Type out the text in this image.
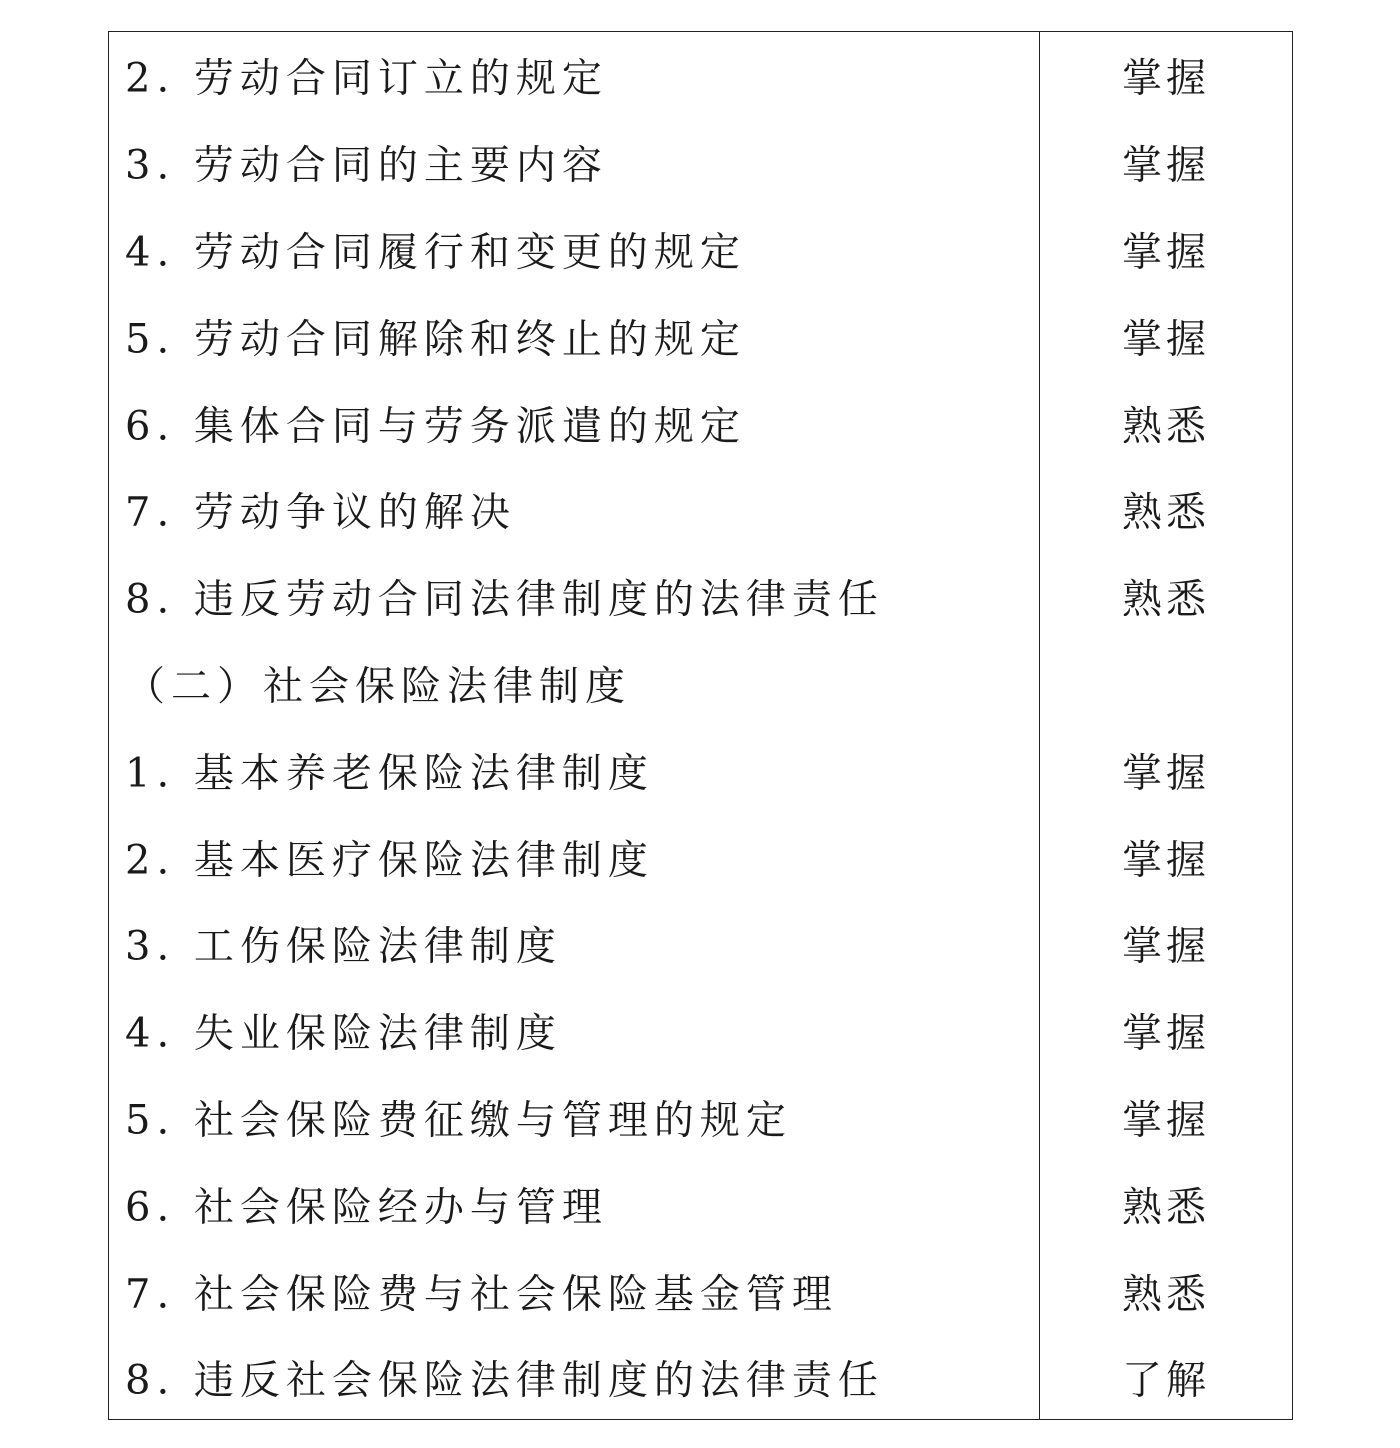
2. 劳动合同订立的规定	掌握
3. 劳动合同的主要内容	掌握
4. 劳动合同履行和变更的规定	掌握
5. 劳动合同解除和终止的规定	掌握
6. 集体合同与劳务派遣的规定	熟悉
7. 劳动争议的解决	熟悉
8. 违反劳动合同法律制度的法律责任	熟悉
（二）社会保险法律制度
1. 基本养老保险法律制度	掌握
2. 基本医疗保险法律制度	掌握
3. 工伤保险法律制度	掌握
4. 失业保险法律制度	掌握
5. 社会保险费征缴与管理的规定	掌握
6. 社会保险经办与管理	熟悉
7. 社会保险费与社会保险基金管理	熟悉
8. 违反社会保险法律制度的法律责任	了解
